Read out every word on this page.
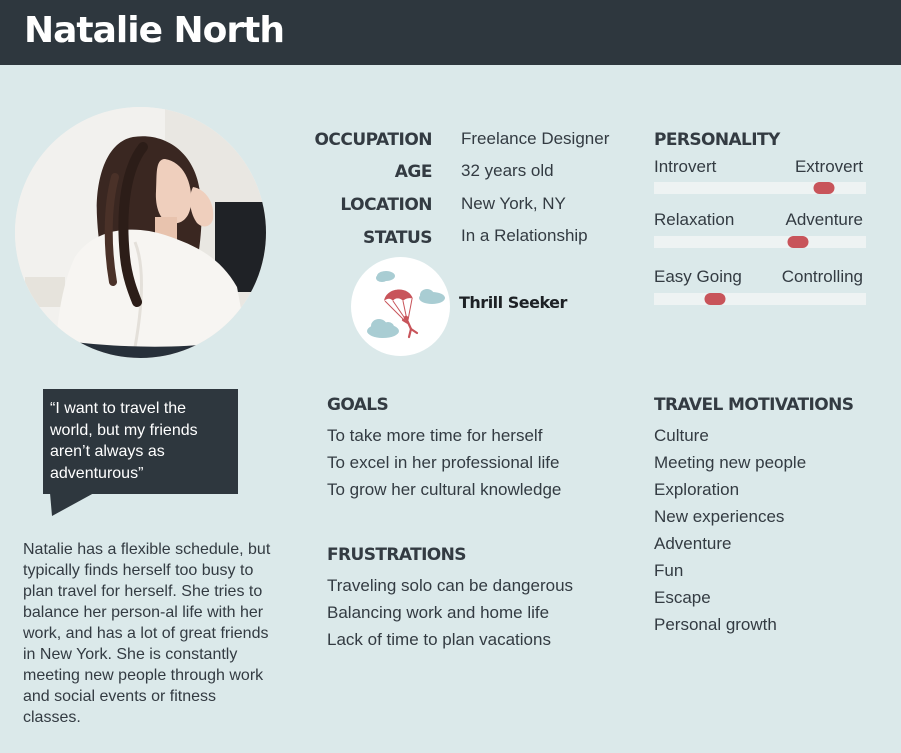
Natalie North
OCCUPATION Freelance Designer
AGE 32 years old
LOCATION New York, NY
STATUS In a Relationship
Thrill Seeker
PERSONALITY
Introvert	Extrovert
Relaxation	Adventure
Easy Going Controlling
“I want to travel the world, but my friends aren’t always as adventurous”
Natalie has a flexible schedule, but typically finds herself too busy to plan travel for herself. She tries to balance her person-al life with her work, and has a lot of great friends in New York. She is constantly meeting new people through work and social events or fitness classes.
GOALS
To take more time for herself
To excel in her professional life
To grow her cultural knowledge
FRUSTRATIONS
Traveling solo can be dangerous
Balancing work and home life
Lack of time to plan vacations
TRAVEL MOTIVATIONS
Culture
Meeting new people
Exploration
New experiences
Adventure
Fun
Escape
Personal growth
